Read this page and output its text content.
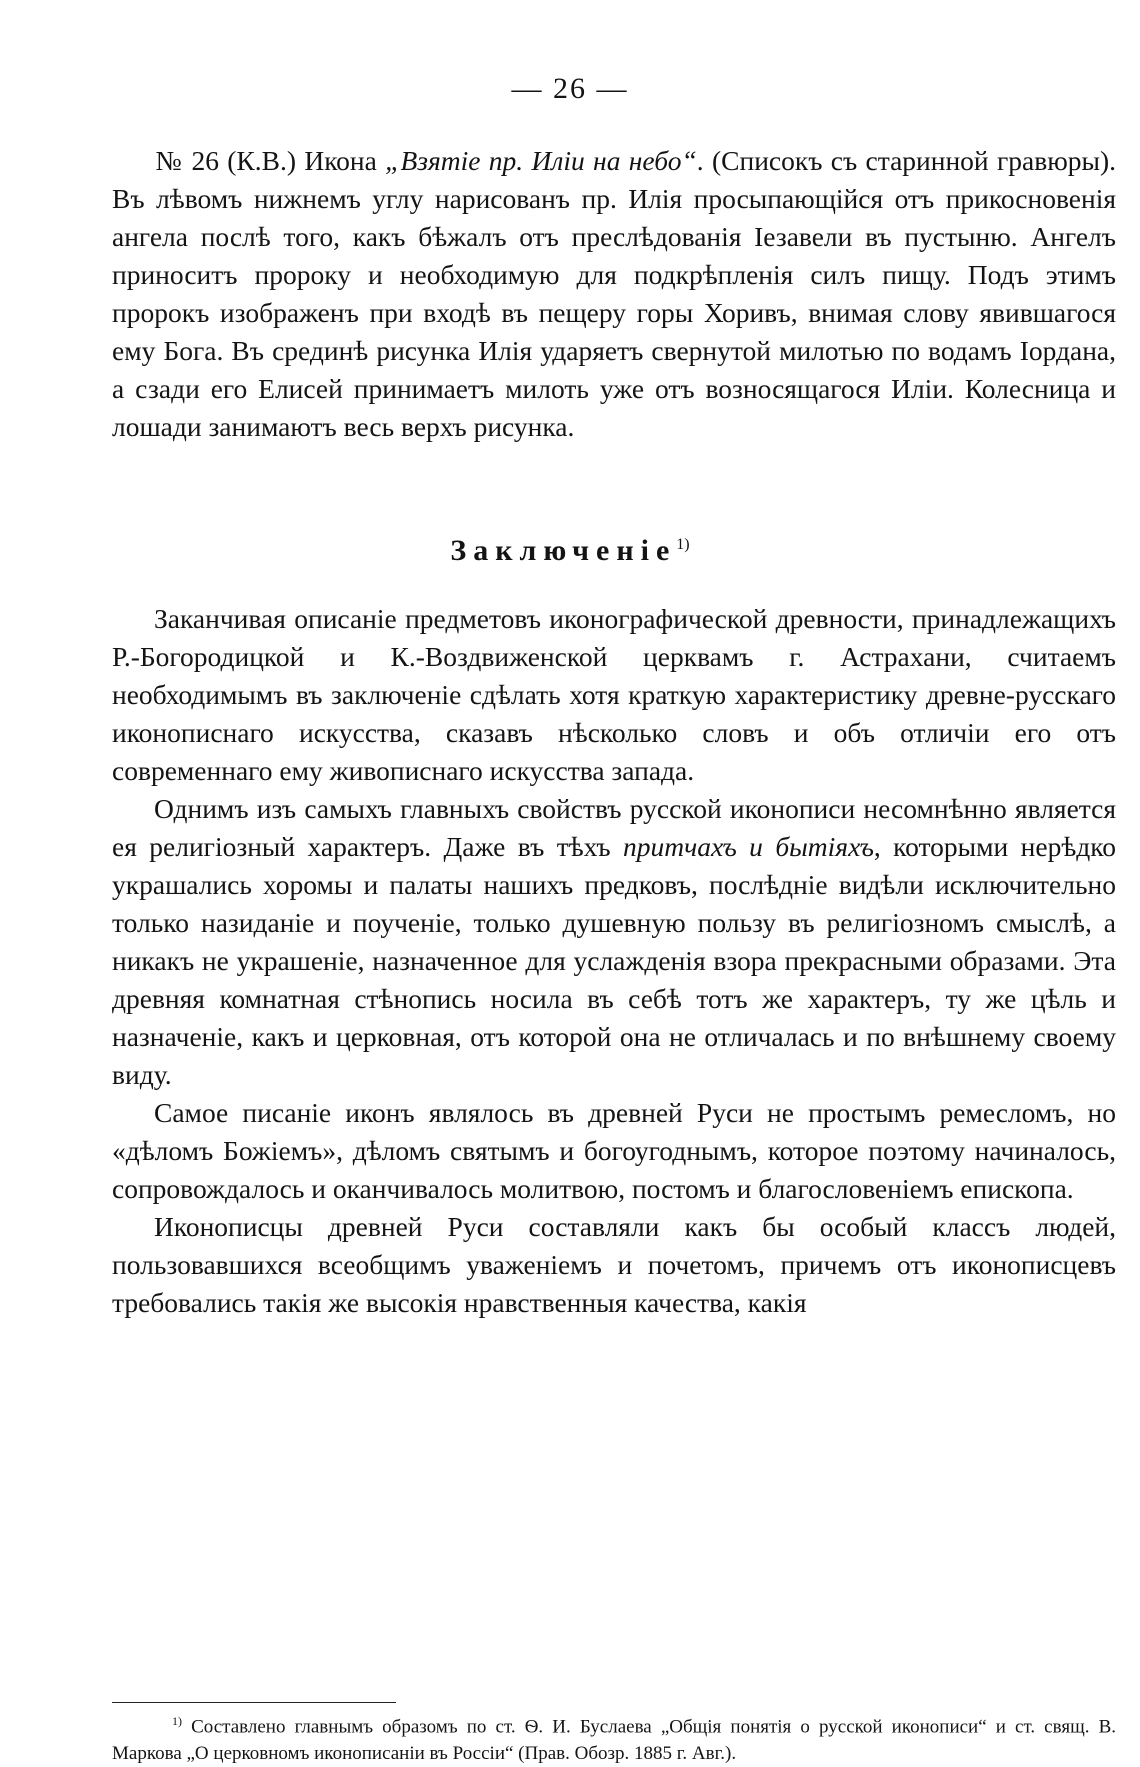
— 26 —
№ 26 (К.В.) Икона „Взятіе пр. Иліи на небо“. (Списокъ съ старинной гравюры). Въ лѣвомъ нижнемъ углу нарисованъ пр. Илія просыпающійся отъ прикосновенія ангела послѣ того, какъ бѣжалъ отъ преслѣдованія Іезавели въ пустыню. Ангелъ приноситъ пророку и необходимую для подкрѣпленія силъ пищу. Подъ этимъ пророкъ изображенъ при входѣ въ пещеру горы Хоривъ, внимая слову явившагося ему Бога. Въ срединѣ рисунка Илія ударяетъ свернутой милотью по водамъ Іордана, а сзади его Елисей принимаетъ милоть уже отъ возносящагося Иліи. Колесница и лошади занимаютъ весь верхъ рисунка.
Заключеніе$^{1)}$

Заканчивая описаніе предметовъ иконографической древности, принадлежащихъ Р.-Богородицкой и К.-Воздвиженской церквамъ г. Астрахани, считаемъ необходимымъ въ заключеніе сдѣлать хотя краткую характеристику древне-русскаго иконописнаго искусства, сказавъ нѣсколько словъ и объ отличіи его отъ современнаго ему живописнаго искусства запада.

Однимъ изъ самыхъ главныхъ свойствъ русской иконописи несомнѣнно является ея религіозный характеръ. Даже въ тѣхъ притчахъ и бытіяхъ, которыми нерѣдко украшались хоромы и палаты нашихъ предковъ, послѣдніе видѣли исключительно только назиданіе и поученіе, только душевную пользу въ религіозномъ смыслѣ, а никакъ не украшеніе, назначенное для услажденія взора прекрасными образами. Эта древняя комнатная стѣнопись носила въ себѣ тотъ же характеръ, ту же цѣль и назначеніе, какъ и церковная, отъ которой она не отличалась и по внѣшнему своему виду.

Самое писаніе иконъ являлось въ древней Руси не простымъ ремесломъ, но «дѣломъ Божіемъ», дѣломъ святымъ и богоугоднымъ, которое поэтому начиналось, сопровождалось и оканчивалось молитвою, постомъ и благословеніемъ епископа.

Иконописцы древней Руси составляли какъ бы особый классъ людей, пользовавшихся всеобщимъ уваженіемъ и почетомъ, причемъ отъ иконописцевъ требовались такія же высокія нравственныя качества, какія

$^{1)}$ Составлено главнымъ образомъ по ст. Ѳ. И. Буслаева „Общія понятія о русской иконописи“ и ст. свящ. В. Маркова „О церковномъ иконописаніи въ Россіи“ (Прав. Обозр. 1885 г. Авг.).
